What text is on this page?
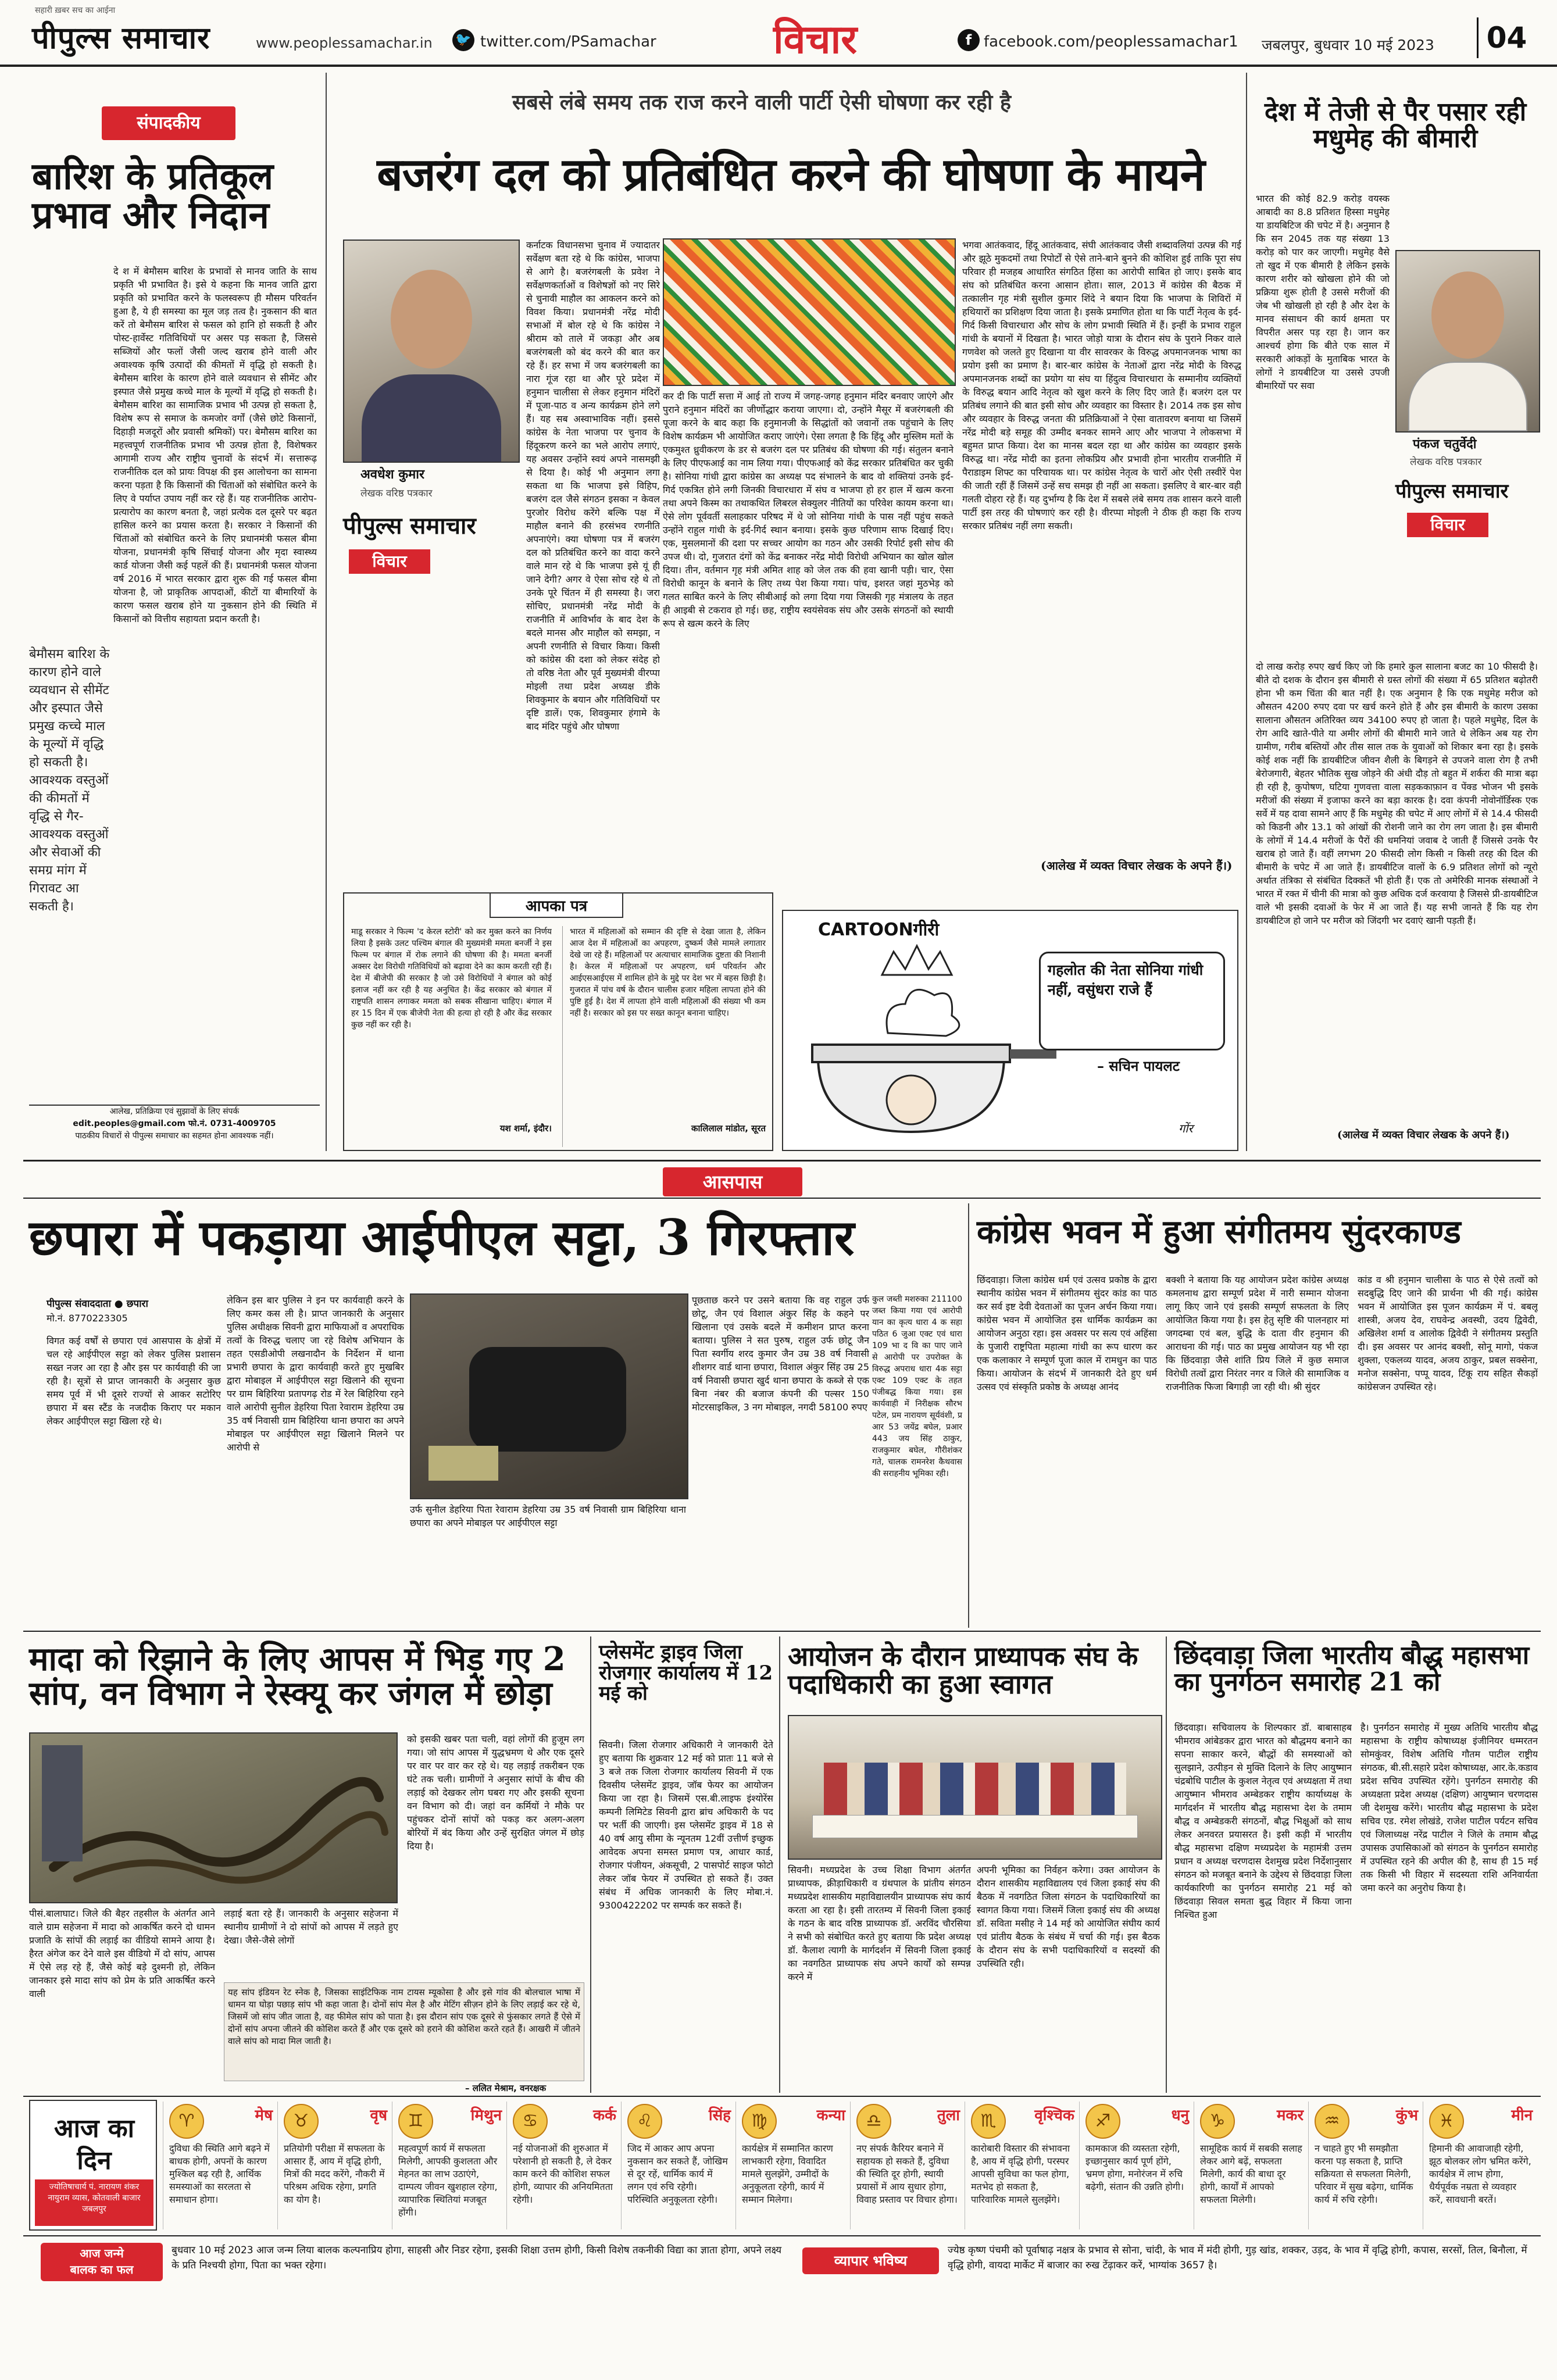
सहारी ख़बर सच का आईना
पीपुल्स समाचार	www.peoplessamachar.in 🐦 twitter.com/PSamachar	विचार	f facebook.com/peoplessamachar1 जबलपुर, बुधवार 10 मई 2023	04
संपादकीय
बारिश के प्रतिकूल प्रभाव और निदान
दे श में बेमौसम बारिश के प्रभावों से मानव जाति के साथ प्रकृति भी प्रभावित है। इसे ये कहना कि मानव जाति द्वारा प्रकृति को प्रभावित करने के फलस्वरूप ही मौसम परिवर्तन हुआ है, ये ही समस्या का मूल जड़ तत्व है। नुकसान की बात करें तो बेमौसम बारिश से फसल को हानि हो सकती है और पोस्ट-हार्वेस्ट गतिविधियों पर असर पड़ सकता है, जिससे सब्जियों और फलों जैसी जल्द खराब होने वाली और अवाश्यक कृषि उत्पादों की कीमतों में वृद्धि हो सकती है। बेमौसम बारिश के कारण होने वाले व्यवधान से सीमेंट और इस्पात जैसे प्रमुख कच्चे माल के मूल्यों में वृद्धि हो सकती है। बेमौसम बारिश का सामाजिक प्रभाव भी उत्पन्न हो सकता है, विशेष रूप से समाज के कमजोर वर्गों (जैसे छोटे किसानों, दिहाड़ी मजदूरों और प्रवासी श्रमिकों) पर। बेमौसम बारिश का महत्त्वपूर्ण राजनीतिक प्रभाव भी उत्पन्न होता है, विशेषकर आगामी राज्य और राष्ट्रीय चुनावों के संदर्भ में। सत्तारूढ़ राजनीतिक दल को प्रायः विपक्ष की इस आलोचना का सामना करना पड़ता है कि किसानों की चिंताओं को संबोधित करने के लिए वे पर्याप्त उपाय नहीं कर रहे हैं। यह राजनीतिक आरोप-प्रत्यारोप का कारण बनता है, जहां प्रत्येक दल दूसरे पर बढ़त हासिल करने का प्रयास करता है। सरकार ने किसानों की चिंताओं को संबोधित करने के लिए प्रधानमंत्री फसल बीमा योजना, प्रधानमंत्री कृषि सिंचाई योजना और मृदा स्वास्थ्य कार्ड योजना जैसी कई पहलें की हैं। प्रधानमंत्री फसल योजना वर्ष 2016 में भारत सरकार द्वारा शुरू की गई फसल बीमा योजना है, जो प्राकृतिक आपदाओं, कीटों या बीमारियों के कारण फसल खराब होने या नुकसान होने की स्थिति में किसानों को वित्तीय सहायता प्रदान करती है।
बेमौसम बारिश के कारण होने वाले व्यवधान से सीमेंट और इस्पात जैसे प्रमुख कच्चे माल के मूल्यों में वृद्धि हो सकती है। आवश्यक वस्तुओं की कीमतों में वृद्धि से गैर-आवश्यक वस्तुओं और सेवाओं की समग्र मांग में गिरावट आ सकती है।
आलेख, प्रतिक्रिया एवं सुझावों के लिए संपर्क
edit.peoples@gmail.com फो.नं. 0731-4009705
पाठकीय विचारों से पीपुल्स समाचार का सहमत होना आवश्यक नहीं।
सबसे लंबे समय तक राज करने वाली पार्टी ऐसी घोषणा कर रही है
बजरंग दल को प्रतिबंधित करने की घोषणा के मायने
अवधेश कुमार
लेखक वरिष्ठ पत्रकार
पीपुल्स समाचार
विचार
कर्नाटक विधानसभा चुनाव में ज्यादातर सर्वेक्षण बता रहे थे कि कांग्रेस, भाजपा से आगे है। बजरंगबली के प्रवेश ने सर्वेक्षणकर्ताओं व विशेषज्ञों को नए सिरे से चुनावी माहौल का आकलन करने को विवश किया। प्रधानमंत्री नरेंद्र मोदी सभाओं में बोल रहे थे कि कांग्रेस ने श्रीराम को ताले में जकड़ा और अब बजरंगबली को बंद करने की बात कर रहे हैं। हर सभा में जय बजरंगबली का नारा गूंज रहा था और पूरे प्रदेश में हनुमान चालीसा से लेकर हनुमान मंदिरों में पूजा-पाठ व अन्य कार्यक्रम होने लगे हैं। यह सब अस्वाभाविक नहीं। इससे कांग्रेस के नेता भाजपा पर चुनाव के हिंदूकरण करने का भले आरोप लगाएं, यह अवसर उन्होंने स्वयं अपने नासमझी से दिया है। कोई भी अनुमान लगा सकता था कि भाजपा इसे विहिप, बजरंग दल जैसे संगठन इसका न केवल पुरजोर विरोध करेंगे बल्कि पक्ष में माहौल बनाने की हरसंभव रणनीति अपनाएंगे। क्या घोषणा पत्र में बजरंग दल को प्रतिबंधित करने का वादा करने वाले मान रहे थे कि भाजपा इसे यूं ही जाने देगी? अगर वे ऐसा सोच रहे थे तो उनके पूरे चिंतन में ही समस्या है। जरा सोचिए, प्रधानमंत्री नरेंद्र मोदी के राजनीति में आविर्भाव के बाद देश के बदले मानस और माहौल को समझा, न अपनी रणनीति से विचार किया। किसी को कांग्रेस की दशा को लेकर संदेह हो तो वरिष्ठ नेता और पूर्व मुख्यमंत्री वीरप्पा मोइली तथा प्रदेश अध्यक्ष डीके शिवकुमार के बयान और गतिविधियों पर दृष्टि डालें। एक, शिवकुमार हंगामे के बाद मंदिर पहुंचे और घोषणा
कर दी कि पार्टी सत्ता में आई तो राज्य में जगह-जगह हनुमान मंदिर बनवाए जाएंगे और पुराने हनुमान मंदिरों का जीर्णोद्धार कराया जाएगा। दो, उन्होंने मैसूर में बजरंगबली की पूजा करने के बाद कहा कि हनुमानजी के सिद्धांतों को जवानों तक पहुंचाने के लिए विशेष कार्यक्रम भी आयोजित कराए जाएंगे। ऐसा लगता है कि हिंदू और मुस्लिम मतों के एकमुश्त ध्रुवीकरण के डर से बजरंग दल पर प्रतिबंध की घोषणा की गई। संतुलन बनाने के लिए पीएफआई का नाम लिया गया। पीएफआई को केंद्र सरकार प्रतिबंधित कर चुकी है। सोनिया गांधी द्वारा कांग्रेस का अध्यक्ष पद संभालने के बाद वो शक्तियां उनके इर्द-गिर्द एकत्रित होने लगी जिनकी विचारधारा में संघ व भाजपा हो हर हाल में खत्म करना तथा अपने किस्म का तथाकथित लिबरल सेक्युलर नीतियों का परिवेश कायम करना था। ऐसे लोग पूर्ववर्ती सलाहकार परिषद में थे जो सोनिया गांधी के पास नहीं पहुंच सकते उन्होंने राहुल गांधी के इर्द-गिर्द स्थान बनाया। इसके कुछ परिणाम साफ दिखाई दिए। एक, मुसलमानों की दशा पर सच्चर आयोग का गठन और उसकी रिपोर्ट इसी सोच की उपज थी। दो, गुजरात दंगों को केंद्र बनाकर नरेंद्र मोदी विरोधी अभियान का खोल खोल दिया। तीन, वर्तमान गृह मंत्री अमित शाह को जेल तक की हवा खानी पड़ी। चार, ऐसा विरोधी कानून के बनाने के लिए तथ्य पेश किया गया। पांच, इशरत जहां मुठभेड़ को गलत साबित करने के लिए सीबीआई को लगा दिया गया जिसकी गृह मंत्रालय के तहत ही आइबी से टकराव हो गई। छह, राष्ट्रीय स्वयंसेवक संघ और उसके संगठनों को स्थायी रूप से खत्म करने के लिए
भगवा आतंकवाद, हिंदू आतंकवाद, संघी आतंकवाद जैसी शब्दावलियां उत्पन्न की गई और झूठे मुकदमों तथा रिपोर्टों से ऐसे ताने-बाने बुनने की कोशिश हुई ताकि पूरा संघ परिवार ही मजहब आधारित संगठित हिंसा का आरोपी साबित हो जाए। इसके बाद संघ को प्रतिबंधित करना आसान होता। साल, 2013 में कांग्रेस की बैठक में तत्कालीन गृह मंत्री सुशील कुमार शिंदे ने बयान दिया कि भाजपा के शिविरों में हथियारों का प्रशिक्षण दिया जाता है। इसके प्रमाणित होता था कि पार्टी नेतृत्व के इर्द-गिर्द किसी विचारधारा और सोच के लोग प्रभावी स्थिति में हैं। इन्हीं के प्रभाव राहुल गांधी के बयानों में दिखता है। भारत जोड़ो यात्रा के दौरान संघ के पुराने निकर वाले गणवेश को जलते हुए दिखाना या वीर सावरकर के विरुद्ध अपमानजनक भाषा का प्रयोग इसी का प्रमाण है। बार-बार कांग्रेस के नेताओं द्वारा नरेंद्र मोदी के विरुद्ध अपमानजनक शब्दों का प्रयोग या संघ या हिंदुत्व विचारधारा के सम्मानीय व्यक्तियों के विरुद्ध बयान आदि नेतृत्व को खुश करने के लिए दिए जाते हैं। बजरंग दल पर प्रतिबंध लगाने की बात इसी सोच और व्यवहार का विस्तार है। 2014 तक इस सोच और व्यवहार के विरुद्ध जनता की प्रतिक्रियाओं ने ऐसा वातावरण बनाया था जिसमें नरेंद्र मोदी बड़े समूह की उम्मीद बनकर सामने आए और भाजपा ने लोकसभा में बहुमत प्राप्त किया। देश का मानस बदल रहा था और कांग्रेस का व्यवहार इसके विरुद्ध था। नरेंद्र मोदी का इतना लोकप्रिय और प्रभावी होना भारतीय राजनीति में पैराडाइम शिफ्ट का परिचायक था। पर कांग्रेस नेतृत्व के चारों ओर ऐसी तस्वीरें पेश की जाती रहीं हैं जिसमें उन्हें सच समझ ही नहीं आ सकता। इसलिए वे बार-बार वही गलती दोहरा रहे हैं। यह दुर्भाग्य है कि देश में सबसे लंबे समय तक शासन करने वाली पार्टी इस तरह की घोषणाएं कर रही है। वीरप्पा मोइली ने ठीक ही कहा कि राज्य सरकार प्रतिबंध नहीं लगा सकती।
(आलेख में व्यक्त विचार लेखक के अपने हैं।)
आपका पत्र
माडू सरकार ने फिल्म 'द केरल स्टोरी' को कर मुक्त करने का निर्णय लिया है इसके उलट पश्चिम बंगाल की मुख्यमंत्री ममता बनर्जी ने इस फिल्म पर बंगाल में रोक लगाने की घोषणा की है। ममता बनर्जी अक्सर देश विरोधी गतिविधियों को बढ़ावा देने का काम करती रही हैं। देश में बीजेपी की सरकार है जो उसे विरोधियों ने बंगाल को कोई इलाज नहीं कर रही है यह अनुचित है। केंद्र सरकार को बंगाल में राष्ट्रपति शासन लगाकर ममता को सबक सीखाना चाहिए। बंगाल में हर 15 दिन में एक बीजेपी नेता की हत्या हो रही है और केंद्र सरकार कुछ नहीं कर रही है।
यश शर्मा, इंदौर।
भारत में महिलाओं को सम्मान की दृष्टि से देखा जाता है, लेकिन आज देश में महिलाओं का अपहरण, दुष्कर्म जैसे मामले लगातार देखे जा रहे हैं। महिलाओं पर अत्याचार सामाजिक दुष्टता की निशानी है। केरल में महिलाओं पर अपहरण, धर्म परिवर्तन और आईएसआईएस में शामिल होने के मुद्दे पर देश भर में बहस छिड़ी है। गुजरात में पांच वर्ष के दौरान चालीस हजार महिला लापता होने की पुष्टि हुई है। देश में लापता होने वाली महिलाओं की संख्या भी कम नहीं है। सरकार को इस पर सख्त कानून बनाना चाहिए।
कालिलाल मांडोत, सूरत
CARTOONगीरी
गहलोत की नेता सोनिया गांधी नहीं, वसुंधरा राजे हैं
– सचिन पायलट
गोंर
देश में तेजी से पैर पसार रही मधुमेह की बीमारी
भारत की कोई 82.9 करोड़ वयस्क आबादी का 8.8 प्रतिशत हिस्सा मधुमेह या डायबिटिज की चपेट में है। अनुमान है कि सन 2045 तक यह संख्या 13 करोड़ को पार कर जाएगी। मधुमेह वैसे तो खुद में एक बीमारी है लेकिन इसके कारण शरीर को खोखला होने की जो प्रक्रिया शुरू होती है उससे मरीजों की जेब भी खोखली हो रही है और देश के मानव संसाधन की कार्य क्षमता पर विपरीत असर पड़ रहा है। जान कर आश्चर्य होगा कि बीते एक साल में सरकारी आंकड़ों के मुताबिक भारत के लोगों ने डायबीटिज या उससे उपजी बीमारियों पर सवा
पंकज चतुर्वेदी
लेखक वरिष्ठ पत्रकार
पीपुल्स समाचार
विचार
दो लाख करोड़ रुपए खर्च किए जो कि हमारे कुल सालाना बजट का 10 फीसदी है। बीते दो दशक के दौरान इस बीमारी से ग्रस्त लोगों की संख्या में 65 प्रतिशत बढ़ोतरी होना भी कम चिंता की बात नहीं है। एक अनुमान है कि एक मधुमेह मरीज को औसतन 4200 रुपए दवा पर खर्च करने होते हैं और इस बीमारी के कारण उसका सालाना औसतन अतिरिक्त व्यय 34100 रुपए हो जाता है। पहले मधुमेह, दिल के रोग आदि खाते-पीते या अमीर लोगों की बीमारी माने जाते थे लेकिन अब यह रोग ग्रामीण, गरीब बस्तियों और तीस साल तक के युवाओं को शिकार बना रहा है। इसके कोई शक नहीं कि डायबीटिज जीवन शैली के बिगड़ने से उपजने वाला रोग है तभी बेरोजगारी, बेहतर भौतिक सुख जोड़ने की अंधी दौड़ तो बहुत में शर्करा की मात्रा बढ़ा ही रही है, कुपोषण, घटिया गुणवत्ता वाला सड़ककाफ़ान व पेंक्ड भोजन भी इसके मरीजों की संख्या में इजाफा करने का बड़ा कारक है। दवा कंपनी नोवोनॉर्डिस्क एक सर्वे में यह दावा सामने आए हैं कि मधुमेह की चपेट में आए लोगों में से 14.4 फीसदी को किडनी और 13.1 को आंखों की रोशनी जाने का रोग लग जाता है। इस बीमारी के लोगों में 14.4 मरीजों के पैरों की धमनियां जवाब दे जाती हैं जिससे उनके पैर खराब हो जाते हैं। वहीं लगभग 20 फीसदी लोग किसी न किसी तरह की दिल की बीमारी के चपेट में आ जाते हैं। डायबीटिज वालों के 6.9 प्रतिशत लोगों को न्यूरो अर्थात तंत्रिका से संबंधित दिक्कतें भी होती हैं। एक तो अमेरिकी मानक संस्थाओं ने भारत में रक्त में चीनी की मात्रा को कुछ अधिक दर्ज करवाया है जिससे प्री-डायबीटिज वाले भी इसकी दवाओं के फेर में आ जाते हैं। यह सभी जानते हैं कि यह रोग डायबीटिज हो जाने पर मरीज को जिंदगी भर दवाएं खानी पड़ती हैं।
(आलेख में व्यक्त विचार लेखक के अपने हैं।)
आसपास
छपारा में पकड़ाया आईपीएल सट्टा, 3 गिरफ्तार
पीपुल्स संवाददाता ● छपारा
मो.नं. 8770223305
विगत कई वर्षों से छपारा एवं आसपास के क्षेत्रों में चल रहे आईपीएल सट्टा को लेकर पुलिस प्रशासन सख्त नजर आ रहा है और इस पर कार्यवाही की जा रही है। सूत्रों से प्राप्त जानकारी के अनुसार कुछ समय पूर्व में भी दूसरे राज्यों से आकर सटोरिए छपारा में बस स्टैंड के नजदीक किराए पर मकान लेकर आईपीएल सट्टा खिला रहे थे।
लेकिन इस बार पुलिस ने इन पर कार्यवाही करने के लिए कमर कस ली है। प्राप्त जानकारी के अनुसार पुलिस अधीक्षक सिवनी द्वारा माफियाओं व अपराधिक तत्वों के विरुद्ध चलाए जा रहे विशेष अभियान के तहत एसडीओपी लखनादौन के निर्देशन में थाना प्रभारी छपारा के द्वारा कार्यवाही करते हुए मुखबिर द्वारा मोबाइल में आईपीएल सट्टा खिलाने की सूचना पर ग्राम बिहिरिया प्रतापगढ़ रोड में रेल बिहिरिया रहने वाले आरोपी सुनील डेहरिया पिता रेवाराम डेहरिया उम्र 35 वर्ष निवासी ग्राम बिहिरिया थाना छपारा का अपने मोबाइल पर आईपीएल सट्टा खिलाने मिलने पर आरोपी से
उर्फ सुनील डेहरिया पिता रेवाराम डेहरिया उम्र 35 वर्ष निवासी ग्राम बिहिरिया थाना छपारा का अपने मोबाइल पर आईपीएल सट्टा
पूछताछ करने पर उसने बताया कि वह राहुल उर्फ छोटू, जैन एवं विशाल अंकुर सिंह के कहने पर खिलाना एवं उसके बदले में कमीशन प्राप्त करना बताया। पुलिस ने सत पुरुष, राहुल उर्फ छोटू जैन पिता स्वर्गीय शरद कुमार जैन उम्र 38 वर्ष निवासी शीशगर वार्ड थाना छपारा, विशाल अंकुर सिंह उम्र 25 वर्ष निवासी छपारा खुर्द थाना छपारा के कब्जे से एक बिना नंबर की बजाज कंपनी की पल्सर 150 मोटरसाइकिल, 3 नग मोबाइल, नगदी 58100 रुपए
कुल जब्ती मशरुका 211100 जब्त किया गया एवं आरोपी यान का कृत्य धारा 4 क सहा पठित 6 जुआ एक्ट एवं धारा 109 भा द वि का पाए जाने से आरोपी पर उपरोक्त के विरुद्ध अपराध धारा 4क सट्टा एक्ट 109 एक्ट के तहत पंजीबद्ध किया गया। इस कार्यवाही में निरीक्षक सौरभ पटेल, प्रम नारायण सूर्यवंशी, प्र आर 53 जयेंद्र बघेल, प्रआर 443 जय सिंह ठाकुर, राजकुमार बघेल, गौरीशंकर गते, चालक रामनरेश कैथवास की सराहनीय भूमिका रही।
कांग्रेस भवन में हुआ संगीतमय सुंदरकाण्ड
छिंदवाड़ा। जिला कांग्रेस धर्म एवं उत्सव प्रकोष्ठ के द्वारा स्थानीय कांग्रेस भवन में संगीतमय सुंदर कांड का पाठ कर सर्व इष्ट देवी देवताओं का पूजन अर्चन किया गया। कांग्रेस भवन में आयोजित इस धार्मिक कार्यक्रम का आयोजन अनुठा रहा। इस अवसर पर सत्य एवं अहिंसा के पुजारी राष्ट्रपिता महात्मा गांधी का रूप धारण कर एक कलाकार ने सम्पूर्ण पूजा काल में रामधुन का पाठ किया। आयोजन के संदर्भ में जानकारी देते हुए धर्म उत्सव एवं संस्कृति प्रकोष्ठ के अध्यक्ष आनंद
बक्शी ने बताया कि यह आयोजन प्रदेश कांग्रेस अध्यक्ष कमलनाथ द्वारा सम्पूर्ण प्रदेश में नारी सम्मान योजना लागू किए जाने एवं इसकी सम्पूर्ण सफलता के लिए आयोजित किया गया है। इस हेतु सृष्टि की पालनहार मां जगदम्बा एवं बल, बुद्धि के दाता वीर हनुमान की आराधना की गई। पाठ का प्रमुख आयोजन यह भी रहा कि छिंदवाड़ा जैसे शांति प्रिय जिले में कुछ समाज विरोधी तत्वों द्वारा निरंतर नगर व जिले की सामाजिक व राजनीतिक फिजा बिगाड़ी जा रही थी। श्री सुंदर
कांड व श्री हनुमान चालीसा के पाठ से ऐसे तत्वों को सदबुद्धि दिए जाने की प्रार्थना भी की गई। कांग्रेस भवन में आयोजित इस पूजन कार्यक्रम में पं. बबलू शास्त्री, अजय देव, राघवेन्द्र अवस्थी, उदय द्विवेदी, अखिलेश शर्मा व आलोक द्विवेदी ने संगीतमय प्रस्तुति दी। इस अवसर पर आनंद बक्शी, सोनू मागो, पंकज शुक्ला, एकलव्य यादव, अजय ठाकुर, प्रबल सक्सेना, मनोज सक्सेना, पप्पू यादव, टिंकू राय सहित सैकड़ों कांग्रेसजन उपस्थित रहे।
मादा को रिझाने के लिए आपस में भिड़ गए 2 सांप, वन विभाग ने रेस्क्यू कर जंगल में छोड़ा
पीसं.बालाघाट। जिले की बैहर तहसील के अंतर्गत आने वाले ग्राम सहेजना में मादा को आकर्षित करने दो धामन प्रजाति के सांपों की लड़ाई का वीडियो सामने आया है। हैरत अंगेज कर देने वाले इस वीडियो में दो सांप, आपस में ऐसे लड़ रहे हैं, जैसे कोई बड़े दुश्मनी हो, लेकिन जानकार इसे मादा सांप को प्रेम के प्रति आकर्षित करने वाली
लड़ाई बता रहे हैं। जानकारी के अनुसार सहेजना में स्थानीय ग्रामीणों ने दो सांपों को आपस में लड़ते हुए देखा। जैसे-जैसे लोगों
को इसकी खबर पता चली, वहां लोगों की हुजूम लग गया। जो सांप आपस में युद्धभ्रमण थे और एक दूसरे पर वार पर वार कर रहे थे। यह लड़ाई तकरीबन एक घंटे तक चली। ग्रामीणों ने अनुसार सांपों के बीच की लड़ाई को देखकर लोग घबरा गए और इसकी सूचना वन विभाग को दी। जहां वन कर्मियों ने मौके पर पहुंचकर दोनों सांपों को पकड़ कर अलग-अलग बोरियों में बंद किया और उन्हें सुरक्षित जंगल में छोड़ दिया है।
यह सांप इंडियन रेट स्नेक है, जिसका साइंटिफिक नाम टायस म्यूकोसा है और इसे गांव की बोलचाल भाषा में धामन या घोड़ा पछाड़ सांप भी कहा जाता है। दोनों सांप मेल है और मेटिंग सीज़न होने के लिए लड़ाई कर रहे थे, जिसमें जो सांप जीत जाता है, वह फीमेल सांप को पाता है। इस दौरान सांप एक दूसरे से फुंसकार लगते हैं ऐसे में दोनों सांप अपना जीतने की कोशिश करते हैं और एक दूसरे को हराने की कोशिश करते रहते हैं। आखरी में जीतने वाले सांप को मादा मिल जाती है।
– ललित मेश्राम, वनरक्षक
प्लेसमेंट ड्राइव जिला रोजगार कार्यालय में 12 मई को
सिवनी। जिला रोजगार अधिकारी ने जानकारी देते हुए बताया कि शुक्रवार 12 मई को प्रातः 11 बजे से 3 बजे तक जिला रोजगार कार्यालय सिवनी में एक दिवसीय प्लेसमेंट ड्राइव, जॉब फेयर का आयोजन किया जा रहा है। जिसमें एस.बी.लाइफ इंश्योरेंस कम्पनी लिमिटेड सिवनी द्वारा ब्रांच अधिकारी के पद पर भर्ती की जाएगी। इस प्लेसमेंट ड्राइव में 18 से 40 वर्ष आयु सीमा के न्यूनतम 12वीं उत्तीर्ण इच्छुक आवेदक अपना समस्त प्रमाण पत्र, आधार कार्ड, रोजगार पंजीयन, अंकसूची, 2 पासपोर्ट साइज फोटो लेकर जॉब फेयर में उपस्थित हो सकते हैं। उक्त संबंध में अधिक जानकारी के लिए मोबा.नं. 9300422202 पर सम्पर्क कर सकते हैं।
आयोजन के दौरान प्राध्यापक संघ के पदाधिकारी का हुआ स्वागत
सिवनी। मध्यप्रदेश के उच्च शिक्षा विभाग अंतर्गत प्राध्यापक, क्रीड़ाधिकारी व ग्रंथपाल के प्रांतीय संगठन मध्यप्रदेश शासकीय महाविद्यालयीन प्राध्यापक संघ कार्य करता आ रहा है। इसी तारतम्य में सिवनी जिला इकाई के गठन के बाद वरिष्ठ प्राध्यापक डॉ. अरविंद चौरसिया ने सभी को संबोधित करते हुए बताया कि प्रदेश अध्यक्ष डॉ. कैलाश त्यागी के मार्गदर्शन में सिवनी जिला इकाई का नवगठित प्राध्यापक संघ अपने कार्यों को सम्पन्न करने में
अपनी भूमिका का निर्वहन करेगा। उक्त आयोजन के दौरान शासकीय महाविद्यालय एवं जिला इकाई संघ की बैठक में नवगठित जिला संगठन के पदाधिकारियों का स्वागत किया गया। जिसमें जिला इकाई संघ की अध्यक्ष डॉ. सविता मसीह ने 14 मई को आयोजित संघीय कार्य एवं प्रांतीय बैठक के संबंध में चर्चा की गई। इस बैठक के दौरान संघ के सभी पदाधिकारियों व सदस्यों की उपस्थिति रही।
छिंदवाड़ा जिला भारतीय बौद्ध महासभा का पुनर्गठन समारोह 21 को
छिंदवाड़ा। सचिवालय के शिल्पकार डॉ. बाबासाहब भीमराव आंबेडकर द्वारा भारत को बौद्धमय बनाने का सपना साकार करने, बौद्धों की समस्याओं को सुलझाने, उत्पीड़न से मुक्ति दिलाने के लिए आयुष्मान चंद्रबोधि पाटील के कुशल नेतृत्व एवं अध्यक्षता में तथा आयुष्मान भीमराव अम्बेडकर राष्ट्रीय कार्याध्यक्ष के मार्गदर्शन में भारतीय बौद्ध महासभा देश के तमाम बौद्ध व अम्बेडकरी संगठनों, बौद्ध भिक्षुओं को साथ लेकर अनवरत प्रयासरत है। इसी कड़ी में भारतीय बौद्ध महासभा दक्षिण मध्यप्रदेश के महामंत्री उत्तम प्रधान व अध्यक्ष चरणदास देशमुख प्रदेश निर्देशानुसार संगठन को मजबूत बनाने के उद्देश्य से छिंदवाड़ा जिला कार्यकारिणी का पुनर्गठन समारोह 21 मई को छिंदवाड़ा सिवल समता बुद्ध विहार में किया जाना निश्चित हुआ
है। पुनर्गठन समारोह में मुख्य अतिथि भारतीय बौद्ध महासभा के राष्ट्रीय कोषाध्यक्ष इंजीनियर धम्मरतन सोमकुंवर, विशेष अतिथि गौतम पाटील राष्ट्रीय संगठक, बी.सी.सहारे प्रदेश कोषाध्यक्ष, आर.के.कडाव प्रदेश सचिव उपस्थित रहेंगे। पुनर्गठन समारोह की अध्यक्षता प्रदेश अध्यक्ष (दक्षिण) आयुष्मान चरणदास जी देशमुख करेंगे। भारतीय बौद्ध महासभा के प्रदेश सचिव एड. रमेश लोखंडे, राजेश पाटील पर्यटन सचिव एवं जिलाध्यक्ष नरेंद्र पाटील ने जिले के तमाम बौद्ध उपासक उपासिकाओं को संगठन के पुनर्गठन समारोह में उपस्थित रहने की अपील की है, साथ ही 15 मई तक किसी भी विहार में सदस्यता राशि अनिवार्यता जमा करने का अनुरोध किया है।
आज का
दिन
ज्योतिषाचार्य पं. नारायण शंकर नायुराम व्यास, कोतवाली बाजार जबलपुर
♈	मेष
दुविधा की स्थिति आगे बढ़ने में बाधक होगी, अपनों के कारण मुश्किल बढ़ रही है, आर्थिक समस्याओं का सरलता से समाधान होगा।
♉	वृष
प्रतियोगी परीक्षा में सफलता के आसार हैं, आय में वृद्धि होगी, मित्रों की मदद करेंगे, नौकरी में परिश्रम अधिक रहेगा, प्रगति का योग है।
♊	मिथुन
महत्वपूर्ण कार्य में सफलता मिलेगी, आपकी कुशलता और मेहनत का लाभ उठाएंगे, दाम्पत्य जीवन खुशहाल रहेगा, व्यापारिक स्थितियां मजबूत होंगी।
♋	कर्क
नई योजनाओं की शुरुआत में परेशानी हो सकती है, ले देकर काम करने की कोशिश सफल होगी, व्यापार की अनियमितता रहेगी।
♌	सिंह
जिद में आकर आप अपना नुकसान कर सकते हैं, जोखिम से दूर रहें, धार्मिक कार्य में लगन एवं रुचि रहेगी। परिस्थिति अनुकूलता रहेगी।
♍	कन्या
कार्यक्षेत्र में सम्मानित कारण लाभकारी रहेगा, विवादित मामले सुलझेंगे, उम्मीदों के अनुकूलता रहेगी, कार्य में सम्मान मिलेगा।
♎	तुला
नए संपर्क कैरियर बनाने में सहायक हो सकते हैं, दुविधा की स्थिति दूर होगी, स्थायी प्रयासों में आय सुधार होगा, विवाह प्रस्ताव पर विचार होगा।
♏	वृश्चिक
कारोबारी विस्तार की संभावना है, आय में वृद्धि होगी, परस्पर आपसी सुविधा का फल होगा, मतभेद हो सकता है, पारिवारिक मामले सुलझेंगे।
♐	धनु
कामकाज की व्यस्तता रहेगी, इच्छानुसार कार्य पूर्ण होंगे, भ्रमण होगा, मनोरंजन में रुचि बढ़ेगी, संतान की उन्नति होगी।
♑	मकर
सामूहिक कार्य में सबकी सलाह लेकर आगे बढ़ें, सफलता मिलेगी, कार्य की बाधा दूर होगी, कार्यों में आपको सफलता मिलेगी।
♒	कुंभ
न चाहते हुए भी समझौता करना पड़ सकता है, प्राप्ति सक्रियता से सफलता मिलेगी, परिवार में सुख बढ़ेगा, धार्मिक कार्य में रुचि रहेगी।
♓	मीन
हिमानी की आवाजाही रहेगी, झूठ बोलकर लोग भ्रमित करेंगे, कार्यक्षेत्र में लाभ होगा, धैर्यपूर्वक नम्रता से व्यवहार करें, सावधानी बरतें।
आज जन्मे
बालक का फल
बुधवार 10 मई 2023 आज जन्म लिया बालक कल्पनाप्रिय होगा, साहसी और निडर रहेगा, इसकी शिक्षा उत्तम होगी, किसी विशेष तकनीकी विद्या का ज्ञाता होगा, अपने लक्ष्य के प्रति निश्चयी होगा, पिता का भक्त रहेगा।	व्यापार भविष्य
ज्येष्ठ कृष्ण पंचमी को पूर्वाषाढ़ नक्षत्र के प्रभाव से सोना, चांदी, के भाव में मंदी होगी, गुड़ खांड, शक्कर, उड़द, के भाव में वृद्धि होगी, कपास, सरसों, तिल, बिनौला, में वृद्धि होगी, वायदा मार्केट में बाजार का रुख टेंढ़ाकर करें, भाग्यांक 3657 है।
